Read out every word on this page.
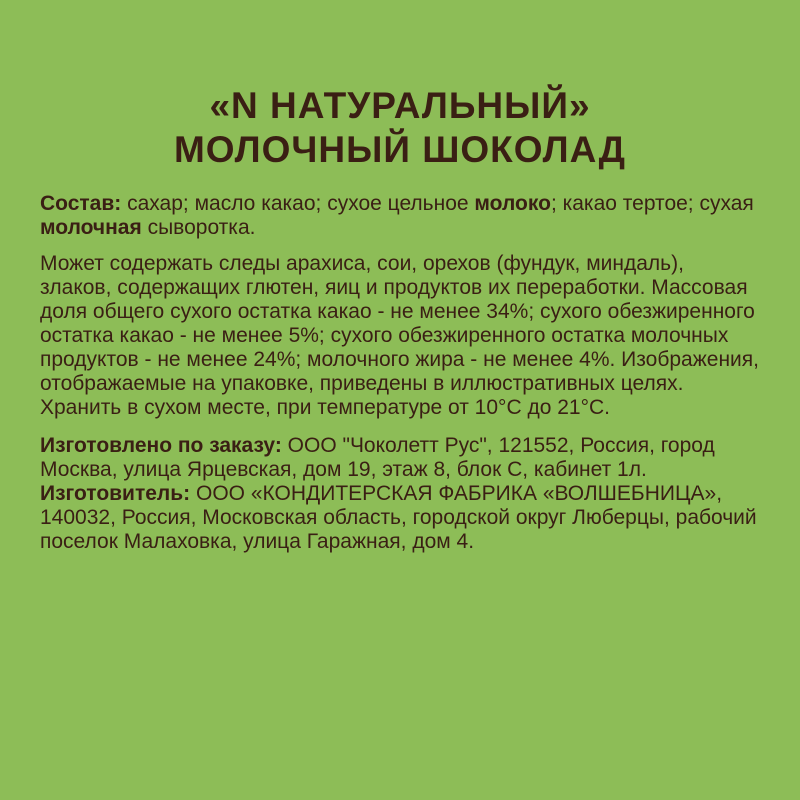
«N НАТУРАЛЬНЫЙ»
МОЛОЧНЫЙ ШОКОЛАД

Состав: сахар; масло какао; сухое цельное молоко; какао тертое; сухая молочная сыворотка.

Может содержать следы арахиса, сои, орехов (фундук, миндаль), злаков, содержащих глютен, яиц и продуктов их переработки. Массовая доля общего сухого остатка какао - не менее 34%; сухого обезжиренного остатка какао - не менее 5%; сухого обезжиренного остатка молочных продуктов - не менее 24%; молочного жира - не менее 4%. Изображения, отображаемые на упаковке, приведены в иллюстративных целях. Хранить в сухом месте, при температуре от 10°C до 21°C.

Изготовлено по заказу: ООО "Чоколетт Рус", 121552, Россия, город Москва, улица Ярцевская, дом 19, этаж 8, блок С, кабинет 1л.

Изготовитель: ООО «КОНДИТЕРСКАЯ ФАБРИКА «ВОЛШЕБНИЦА», 140032, Россия, Московская область, городской округ Люберцы, рабочий поселок Малаховка, улица Гаражная, дом 4.
